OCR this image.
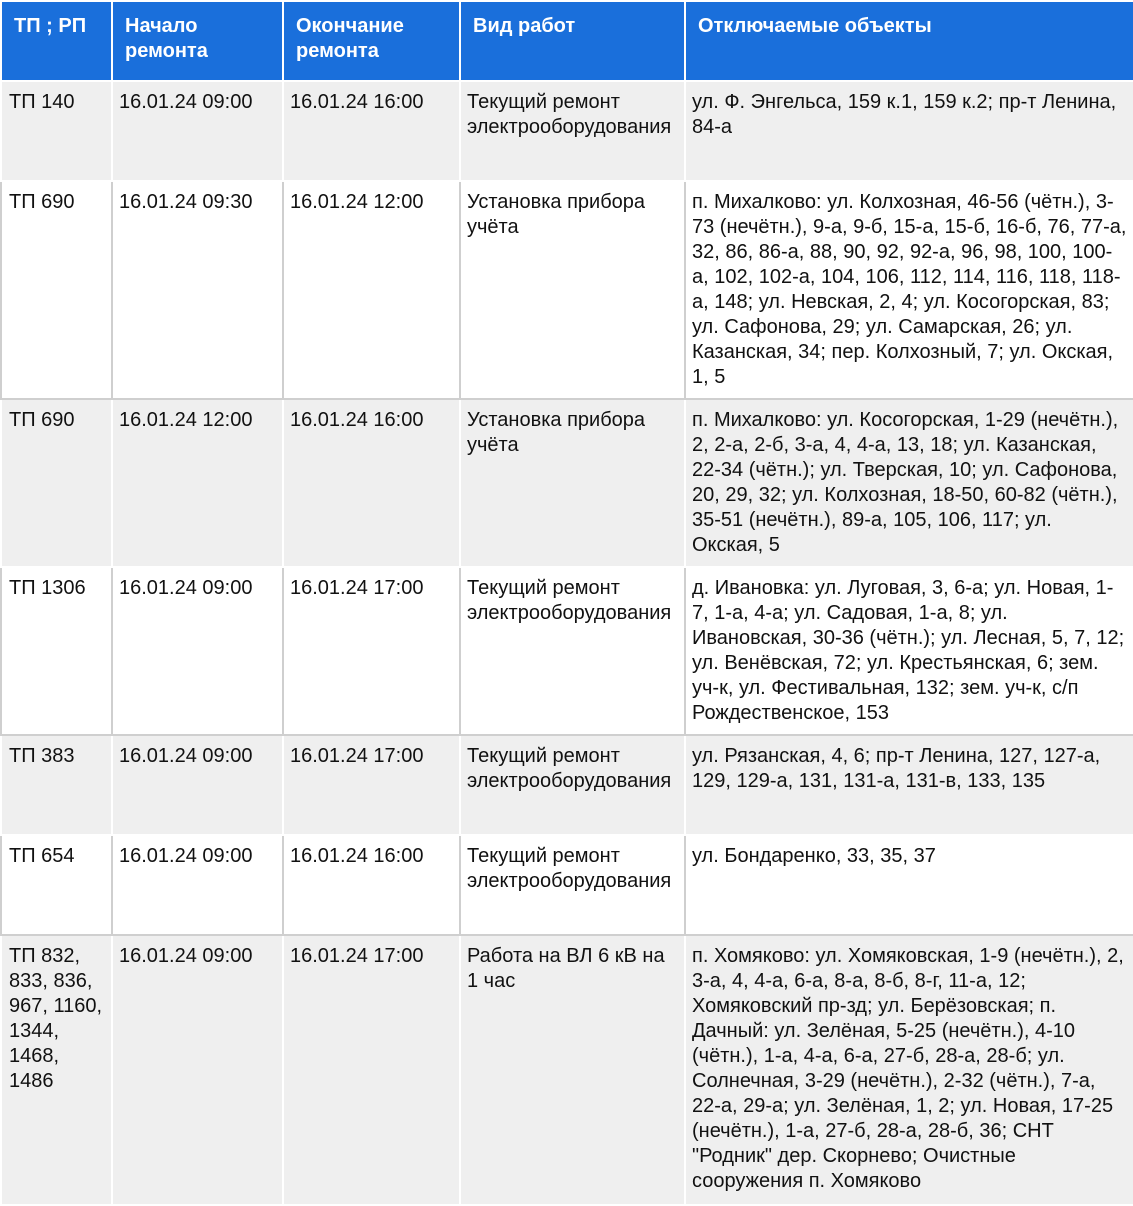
ТП ; РП	Начало ремонта	Окончание ремонта	Вид работ	Отключаемые объекты
ТП 140	16.01.24 09:00	16.01.24 16:00	Текущий ремонт электрооборудования	ул. Ф. Энгельса, 159 к.1, 159 к.2; пр-т Ленина, 84-а
ТП 690	16.01.24 09:30	16.01.24 12:00	Установка прибора учёта	п. Михалково: ул. Колхозная, 46-56 (чётн.), 3-73 (нечётн.), 9-а, 9-б, 15-а, 15-б, 16-б, 76, 77-а, 32, 86, 86-а, 88, 90, 92, 92-а, 96, 98, 100, 100-а, 102, 102-а, 104, 106, 112, 114, 116, 118, 118-а, 148; ул. Невская, 2, 4; ул. Косогорская, 83; ул. Сафонова, 29; ул. Самарская, 26; ул. Казанская, 34; пер. Колхозный, 7; ул. Окская, 1, 5
ТП 690	16.01.24 12:00	16.01.24 16:00	Установка прибора учёта	п. Михалково: ул. Косогорская, 1-29 (нечётн.), 2, 2-а, 2-б, 3-а, 4, 4-а, 13, 18; ул. Казанская, 22-34 (чётн.); ул. Тверская, 10; ул. Сафонова, 20, 29, 32; ул. Колхозная, 18-50, 60-82 (чётн.), 35-51 (нечётн.), 89-а, 105, 106, 117; ул. Окская, 5
ТП 1306	16.01.24 09:00	16.01.24 17:00	Текущий ремонт электрооборудования	д. Ивановка: ул. Луговая, 3, 6-а; ул. Новая, 1-7, 1-а, 4-а; ул. Садовая, 1-а, 8; ул. Ивановская, 30-36 (чётн.); ул. Лесная, 5, 7, 12; ул. Венёвская, 72; ул. Крестьянская, 6; зем. уч-к, ул. Фестивальная, 132; зем. уч-к, с/п Рождественское, 153
ТП 383	16.01.24 09:00	16.01.24 17:00	Текущий ремонт электрооборудования	ул. Рязанская, 4, 6; пр-т Ленина, 127, 127-а, 129, 129-а, 131, 131-а, 131-в, 133, 135
ТП 654	16.01.24 09:00	16.01.24 16:00	Текущий ремонт электрооборудования	ул. Бондаренко, 33, 35, 37
ТП 832, 833, 836, 967, 1160, 1344, 1468, 1486	16.01.24 09:00	16.01.24 17:00	Работа на ВЛ 6 кВ на 1 час	п. Хомяково: ул. Хомяковская, 1-9 (нечётн.), 2, 3-а, 4, 4-а, 6-а, 8-а, 8-б, 8-г, 11-а, 12; Хомяковский пр-зд; ул. Берёзовская; п. Дачный: ул. Зелёная, 5-25 (нечётн.), 4-10 (чётн.), 1-а, 4-а, 6-а, 27-б, 28-а, 28-б; ул. Солнечная, 3-29 (нечётн.), 2-32 (чётн.), 7-а, 22-а, 29-а; ул. Зелёная, 1, 2; ул. Новая, 17-25 (нечётн.), 1-а, 27-б, 28-а, 28-б, 36; СНТ "Родник" дер. Скорнево; Очистные сооружения п. Хомяково
